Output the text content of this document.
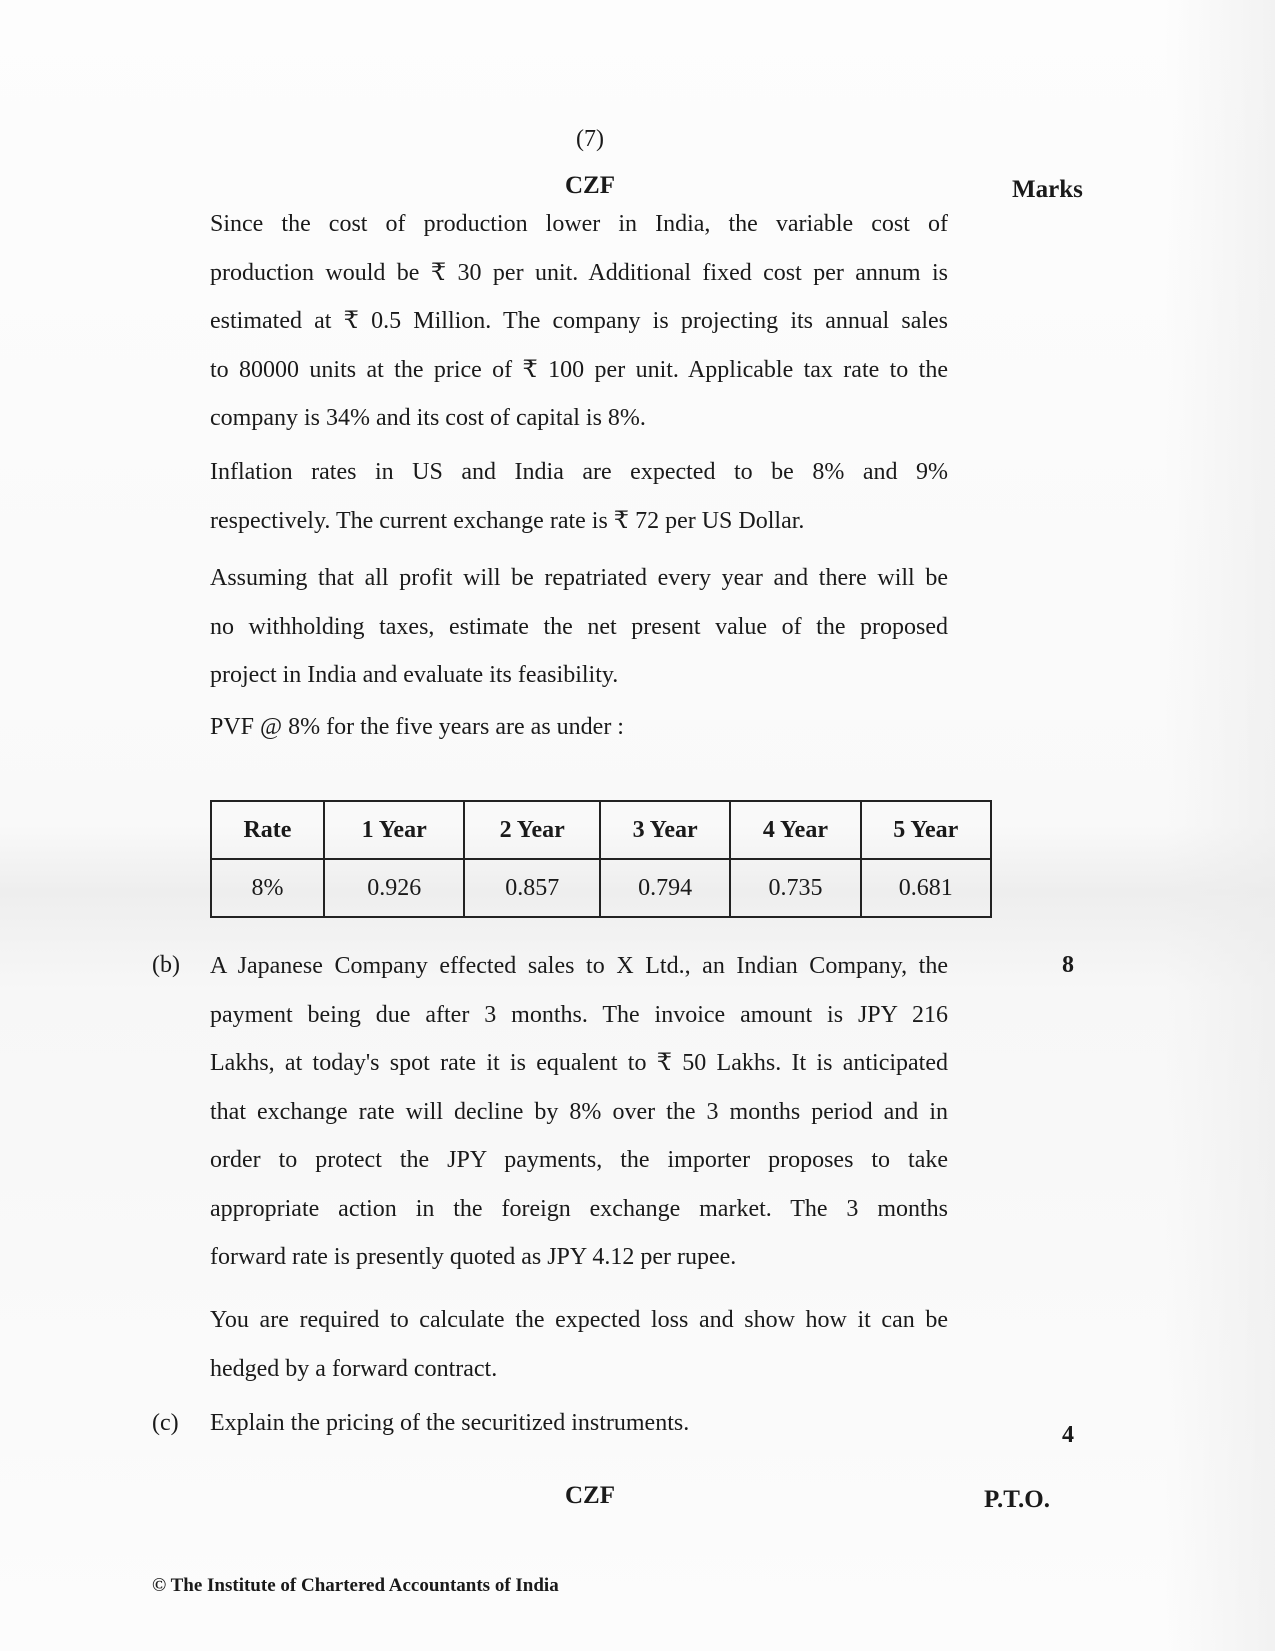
(7)
CZF	Marks
Since the cost of production lower in India, the variable cost of
production would be ₹ 30 per unit. Additional fixed cost per annum is
estimated at ₹ 0.5 Million. The company is projecting its annual sales
to 80000 units at the price of ₹ 100 per unit. Applicable tax rate to the
company is 34% and its cost of capital is 8%.
Inflation rates in US and India are expected to be 8% and 9%
respectively. The current exchange rate is ₹ 72 per US Dollar.
Assuming that all profit will be repatriated every year and there will be
no withholding taxes, estimate the net present value of the proposed
project in India and evaluate its feasibility.
PVF @ 8% for the five years are as under :
Rate	1 Year	2 Year	3 Year	4 Year	5 Year
8%	0.926	0.857	0.794	0.735	0.681
(b)	8
A Japanese Company effected sales to X Ltd., an Indian Company, the
payment being due after 3 months. The invoice amount is JPY 216
Lakhs, at today's spot rate it is equalent to ₹ 50 Lakhs. It is anticipated
that exchange rate will decline by 8% over the 3 months period and in
order to protect the JPY payments, the importer proposes to take
appropriate action in the foreign exchange market. The 3 months
forward rate is presently quoted as JPY 4.12 per rupee.
You are required to calculate the expected loss and show how it can be
hedged by a forward contract.
(c) Explain the pricing of the securitized instruments.	4
CZF	P.T.O.
© The Institute of Chartered Accountants of India
